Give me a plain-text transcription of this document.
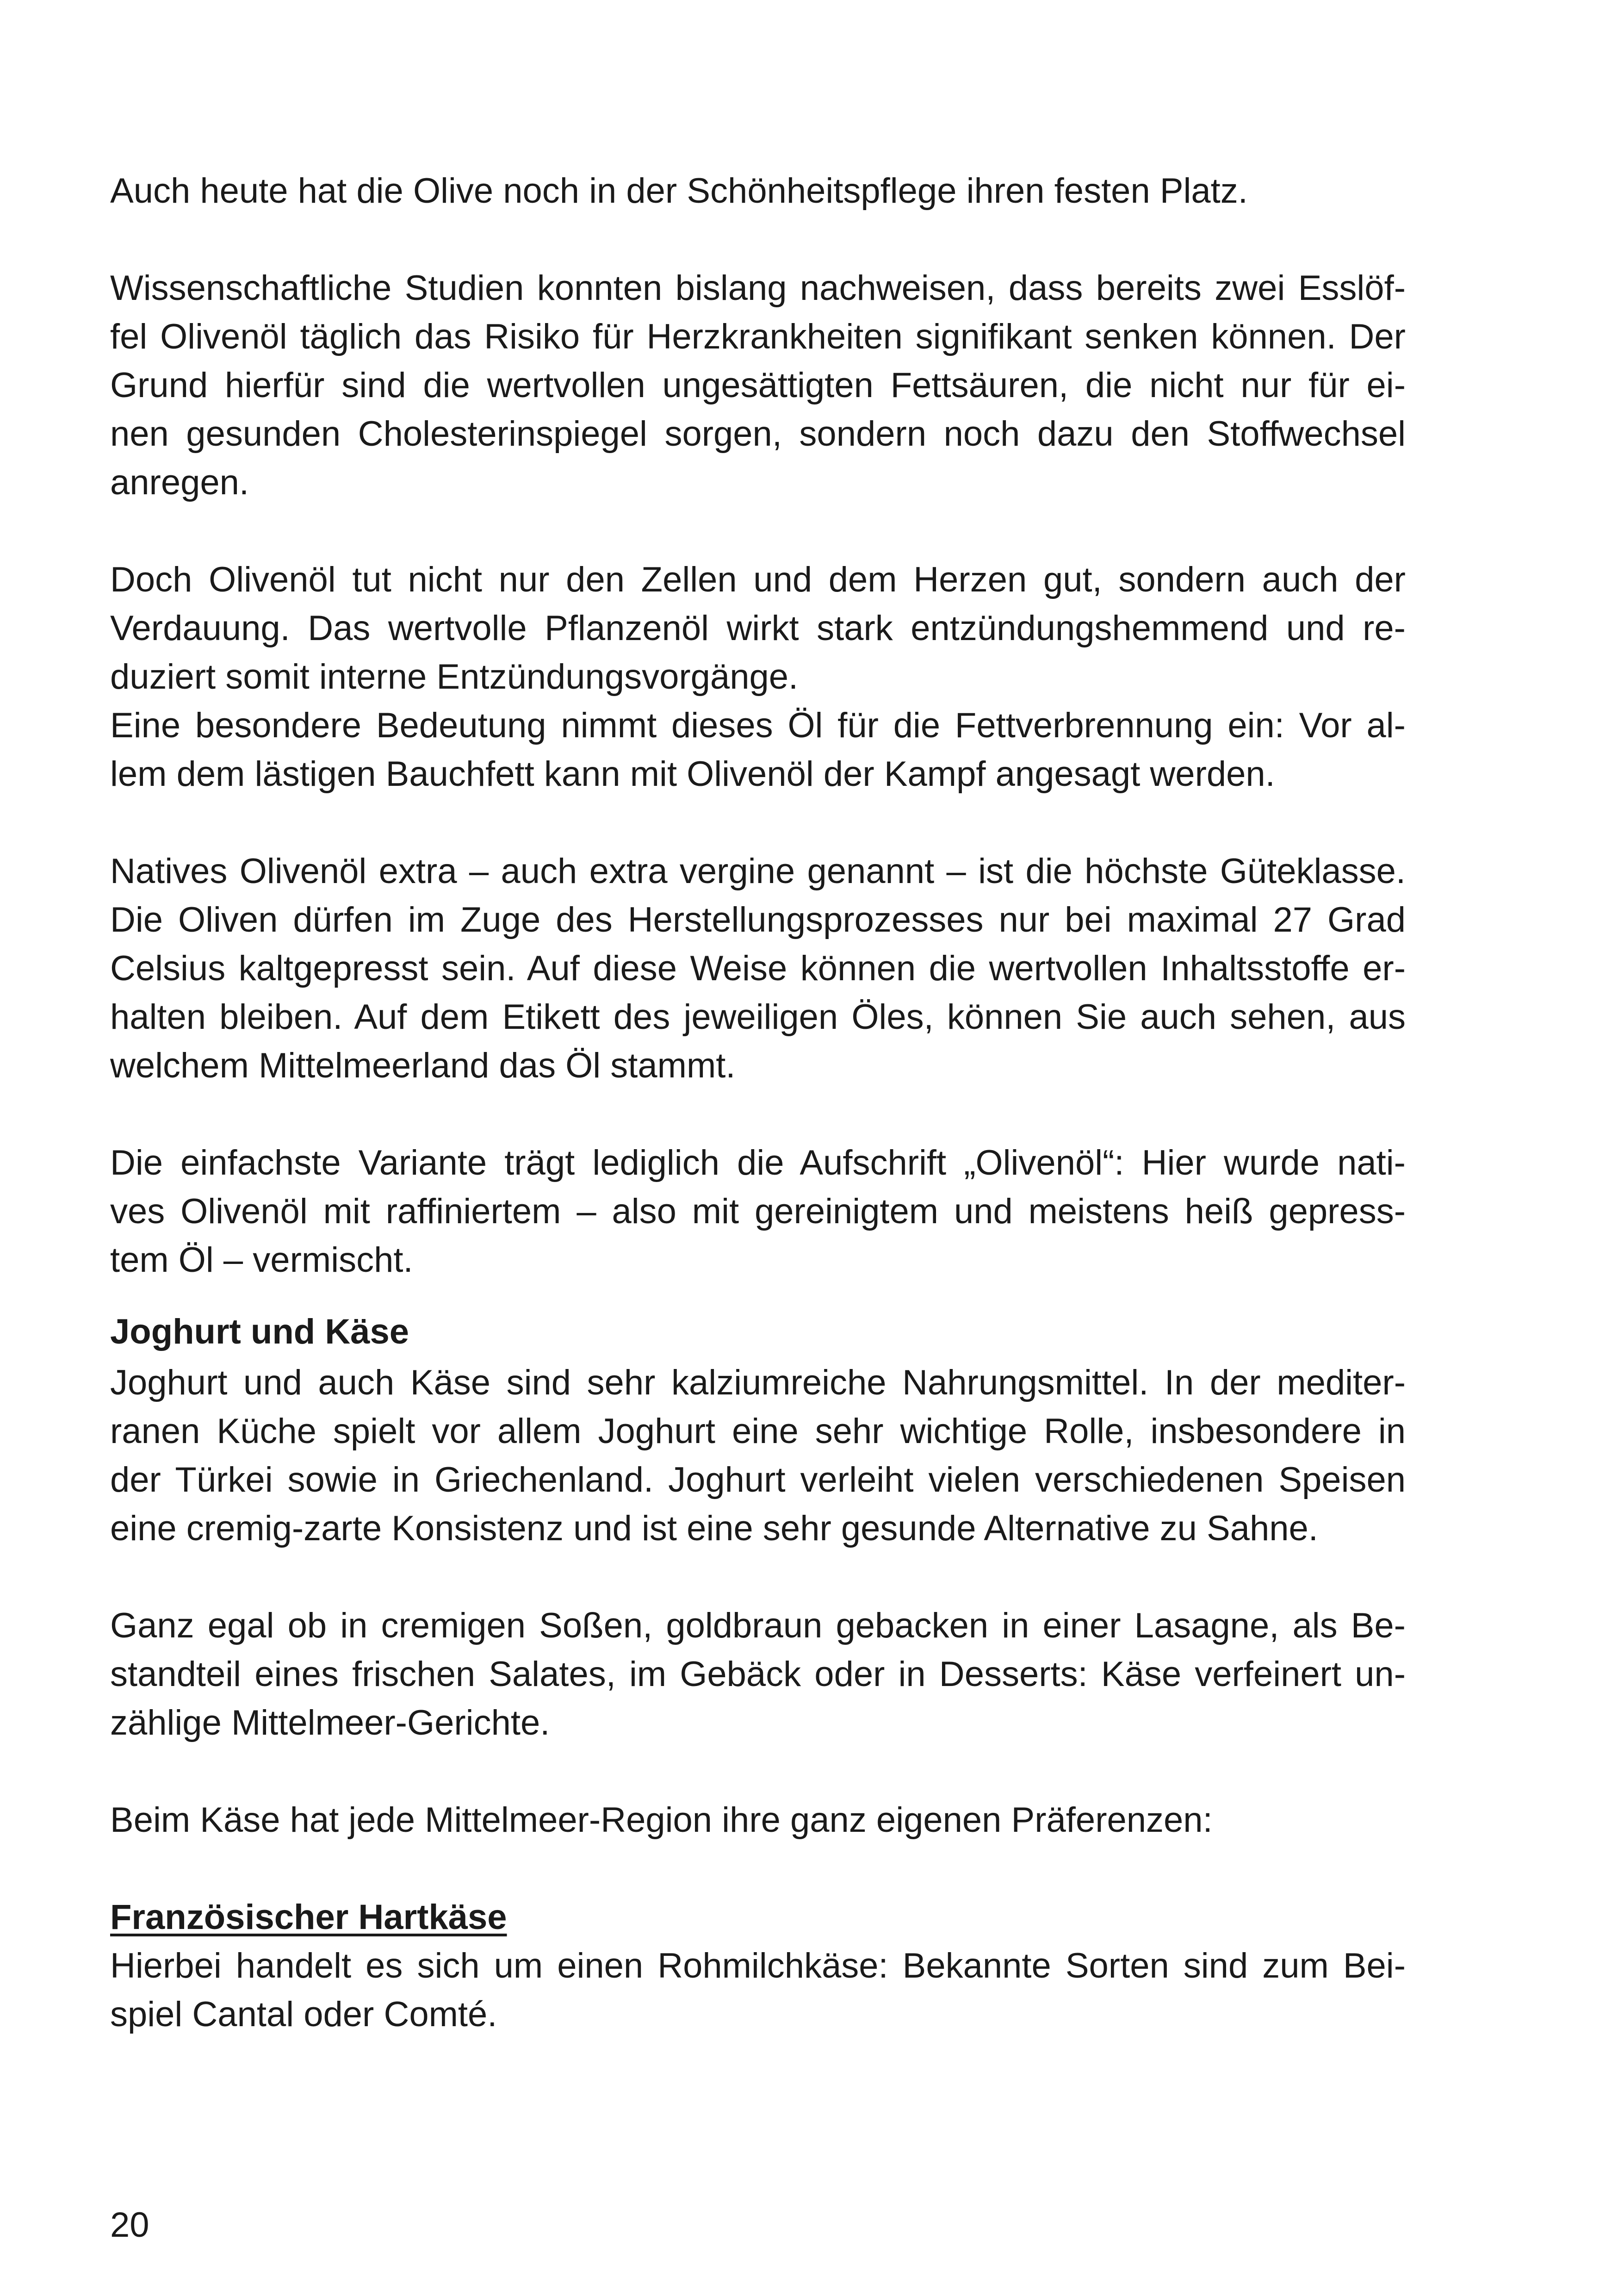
Auch heute hat die Olive noch in der Schönheitspflege ihren festen Platz.
Wissenschaftliche Studien konnten bislang nachweisen, dass bereits zwei Esslöf-
fel Olivenöl täglich das Risiko für Herzkrankheiten signifikant senken können. Der
Grund hierfür sind die wertvollen ungesättigten Fettsäuren, die nicht nur für ei-
nen gesunden Cholesterinspiegel sorgen, sondern noch dazu den Stoffwechsel
anregen.
Doch Olivenöl tut nicht nur den Zellen und dem Herzen gut, sondern auch der
Verdauung. Das wertvolle Pflanzenöl wirkt stark entzündungshemmend und re-
duziert somit interne Entzündungsvorgänge.
Eine besondere Bedeutung nimmt dieses Öl für die Fettverbrennung ein: Vor al-
lem dem lästigen Bauchfett kann mit Olivenöl der Kampf angesagt werden.
Natives Olivenöl extra – auch extra vergine genannt – ist die höchste Güteklasse.
Die Oliven dürfen im Zuge des Herstellungsprozesses nur bei maximal 27 Grad
Celsius kaltgepresst sein. Auf diese Weise können die wertvollen Inhaltsstoffe er-
halten bleiben. Auf dem Etikett des jeweiligen Öles, können Sie auch sehen, aus
welchem Mittelmeerland das Öl stammt.
Die einfachste Variante trägt lediglich die Aufschrift „Olivenöl“: Hier wurde nati-
ves Olivenöl mit raffiniertem – also mit gereinigtem und meistens heiß gepress-
tem Öl – vermischt.
Joghurt und Käse
Joghurt und auch Käse sind sehr kalziumreiche Nahrungsmittel. In der mediter-
ranen Küche spielt vor allem Joghurt eine sehr wichtige Rolle, insbesondere in
der Türkei sowie in Griechenland. Joghurt verleiht vielen verschiedenen Speisen
eine cremig-zarte Konsistenz und ist eine sehr gesunde Alternative zu Sahne.
Ganz egal ob in cremigen Soßen, goldbraun gebacken in einer Lasagne, als Be-
standteil eines frischen Salates, im Gebäck oder in Desserts: Käse verfeinert un-
zählige Mittelmeer-Gerichte.
Beim Käse hat jede Mittelmeer-Region ihre ganz eigenen Präferenzen:
Französischer Hartkäse
Hierbei handelt es sich um einen Rohmilchkäse: Bekannte Sorten sind zum Bei-
spiel Cantal oder Comté.
20
